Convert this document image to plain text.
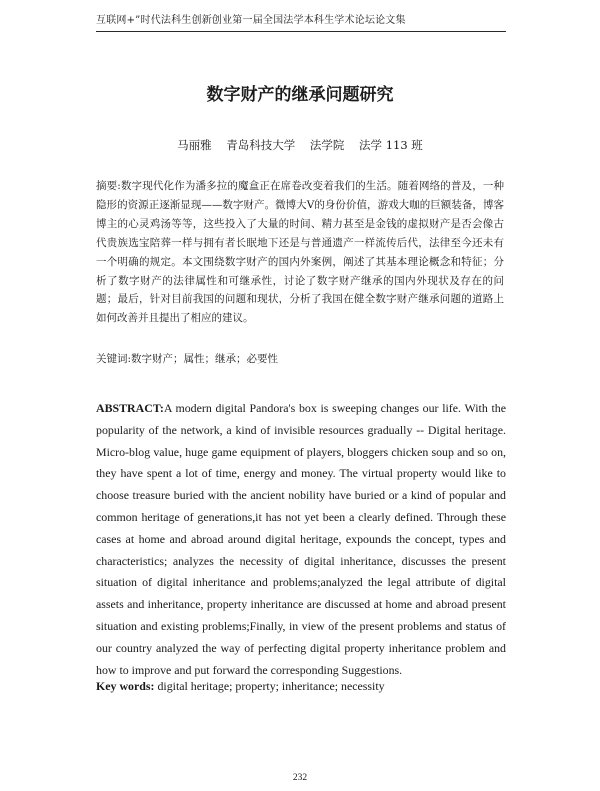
互联网+”时代法科生创新创业第一届全国法学本科生学术论坛论文集
数字财产的继承问题研究
马丽雅    青岛科技大学    法学院    法学 113 班
摘要:数字现代化作为潘多拉的魔盒正在席卷改变着我们的生活。随着网络的普及，一种隐形的资源正逐渐显现——数字财产。微博大V的身份价值，游戏大咖的巨额装备，博客博主的心灵鸡汤等等，这些投入了大量的时间、精力甚至是金钱的虚拟财产是否会像古代贵族选宝陪葬一样与拥有者长眠地下还是与普通遗产一样流传后代，法律至今还未有一个明确的规定。本文围绕数字财产的国内外案例，阐述了其基本理论概念和特征；分析了数字财产的法律属性和可继承性，讨论了数字财产继承的国内外现状及存在的问题；最后，针对目前我国的问题和现状，分析了我国在健全数字财产继承问题的道路上如何改善并且提出了相应的建议。
关键词:数字财产；属性；继承；必要性
ABSTRACT:A modern digital Pandora's box is sweeping changes our life. With the popularity of the network, a kind of invisible resources gradually -- Digital heritage. Micro-blog value, huge game equipment of players, bloggers chicken soup and so on, they have spent a lot of time, energy and money. The virtual property would like to choose treasure buried with the ancient nobility have buried or a kind of popular and common heritage of generations,it has not yet been a clearly defined. Through these cases at home and abroad around digital heritage, expounds the concept, types and characteristics; analyzes the necessity of digital inheritance, discusses the present situation of digital inheritance and problems;analyzed the legal attribute of digital assets and inheritance, property inheritance are discussed at home and abroad present situation and existing problems;Finally, in view of the present problems and status of our country analyzed the way of perfecting digital property inheritance problem and how to improve and put forward the corresponding Suggestions.
Key words: digital heritage; property; inheritance; necessity
232
